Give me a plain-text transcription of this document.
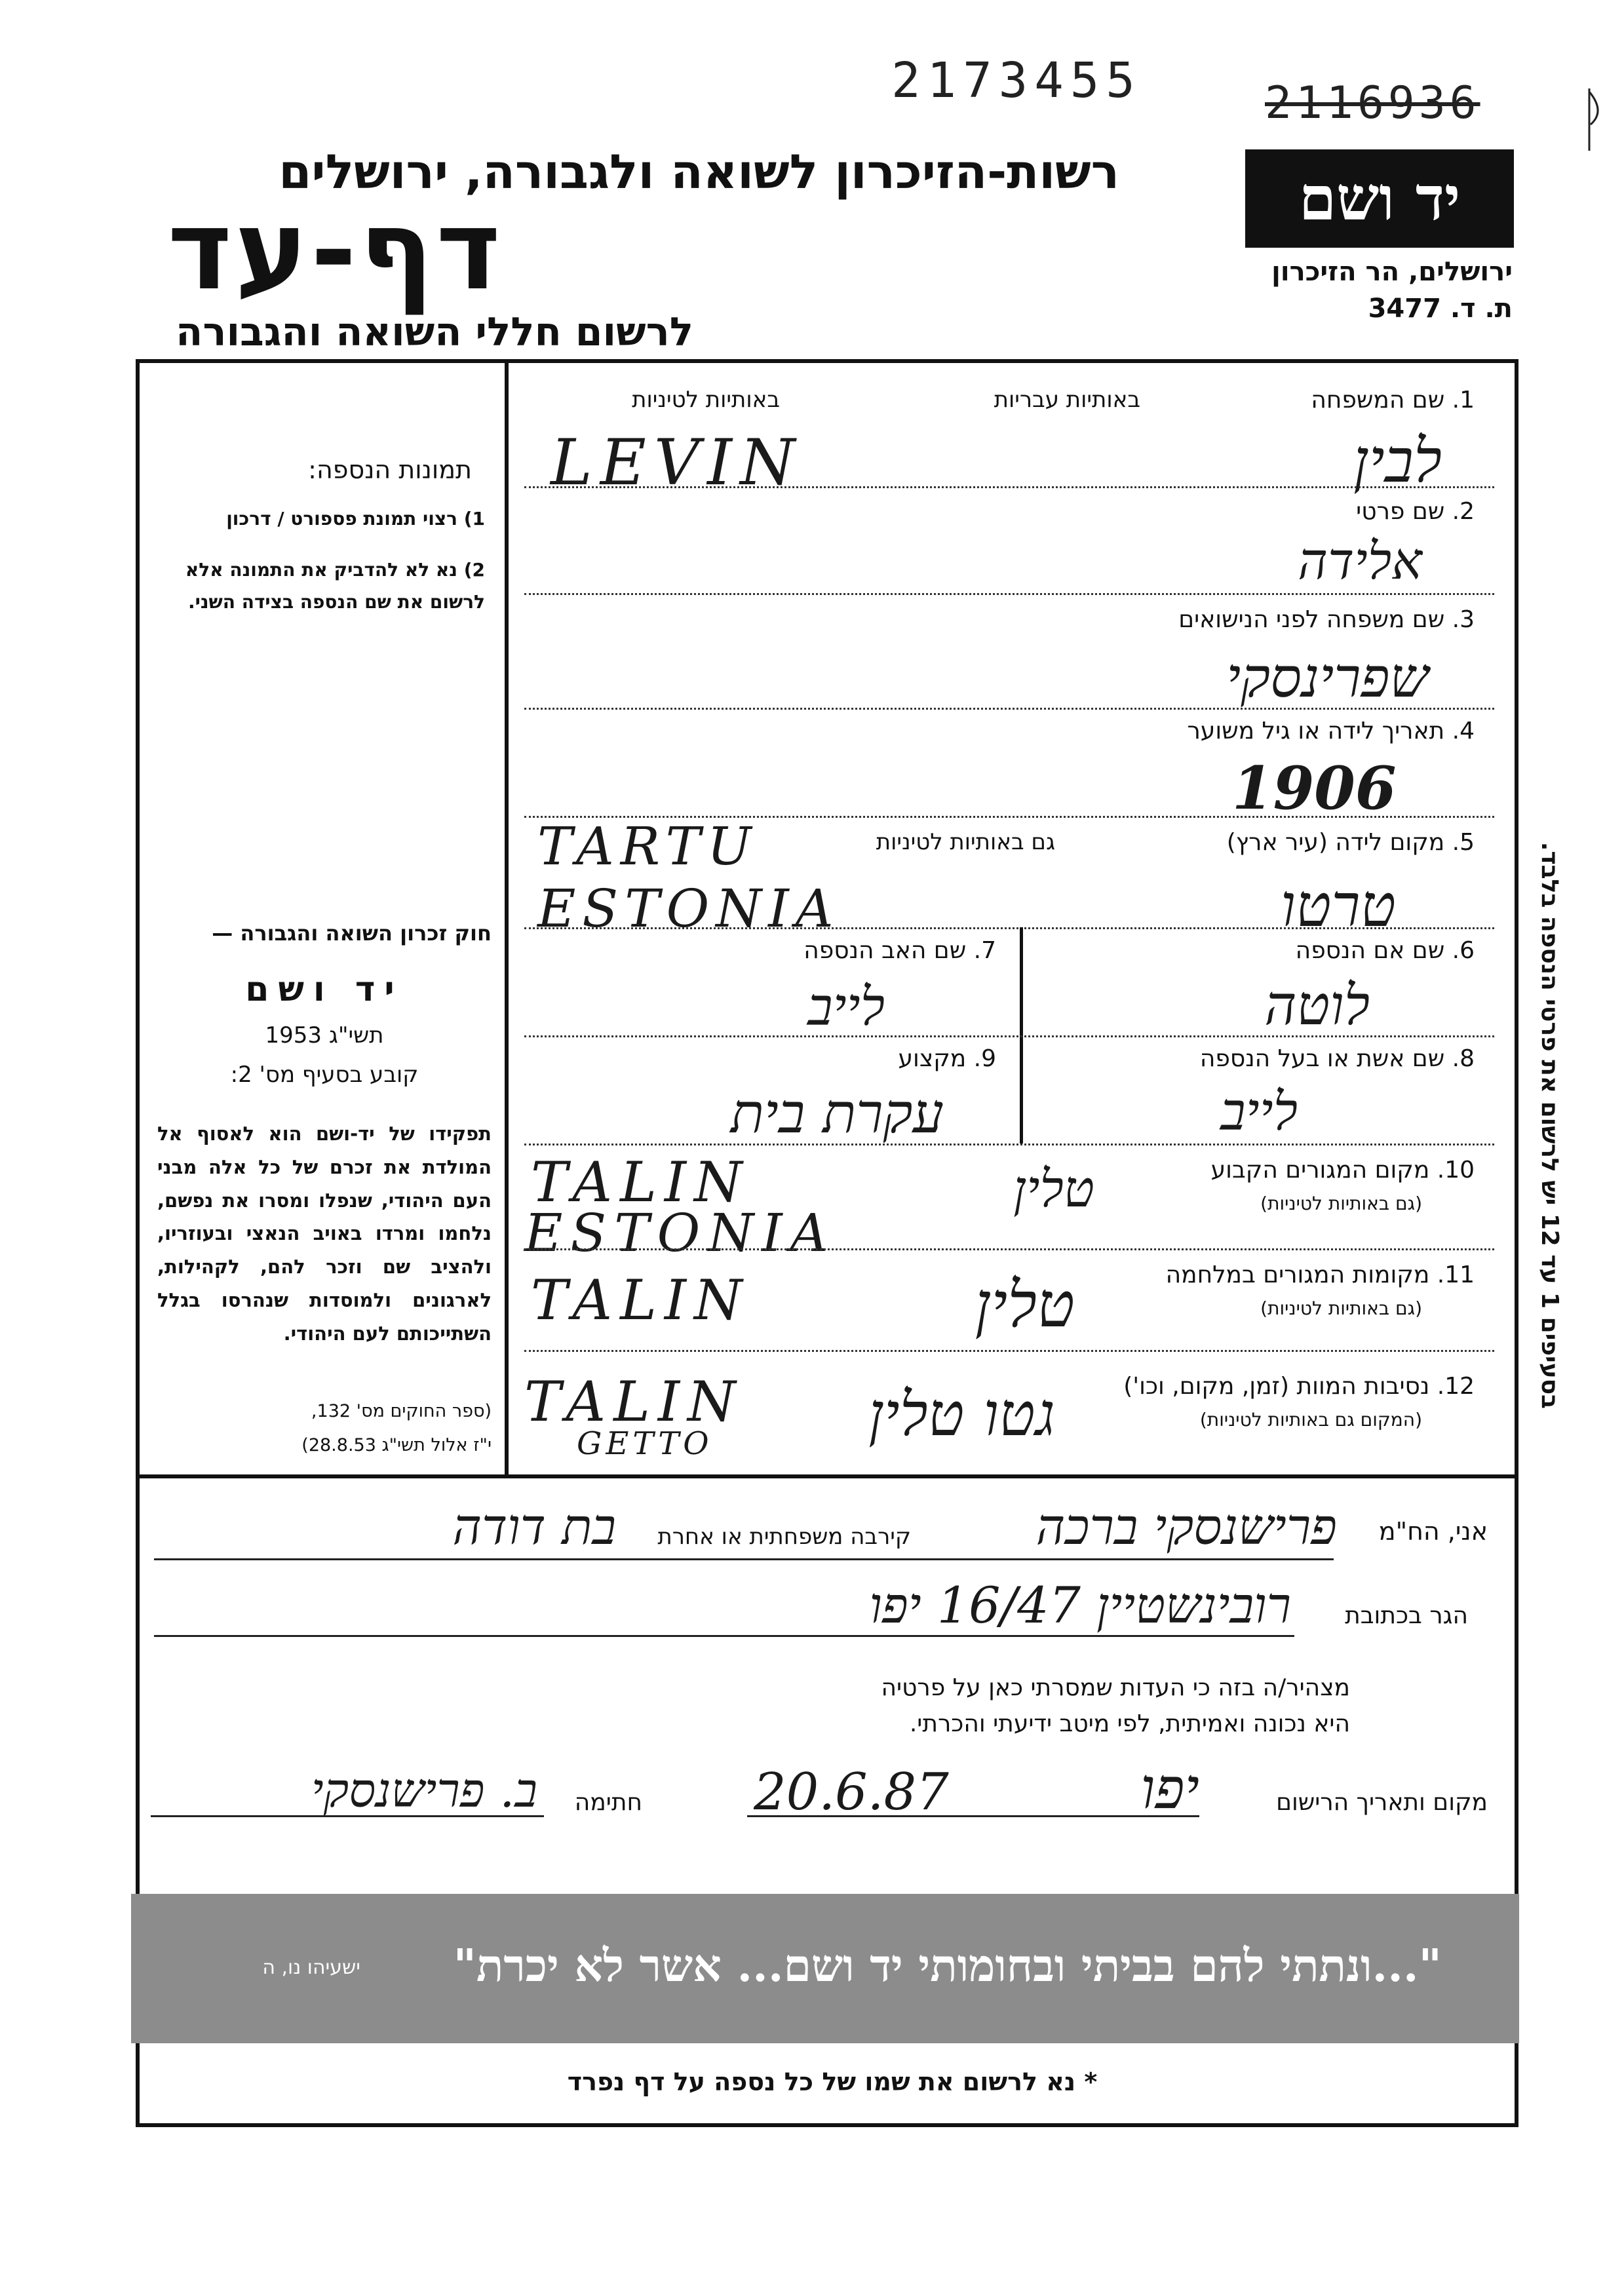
2173455	2116936
רשות-הזיכרון לשואה ולגבורה, ירושלים
דף-עד
לרשום חללי השואה והגבורה
יד ושם
ירושלים, הר הזיכרון
ת. ד. 3477
תמונות הנספה:
1) רצוי תמונת פספורט / דרכון
2) נא לא להדביק את התמונה אלא לרשום את שם הנספה בצידה השני.
חוק זכרון השואה והגבורה —
יד ושם
תשי"ג 1953
קובע בסעיף מס' 2:
תפקידו של יד-ושם הוא לאסוף אל המולדת את זכרם של כל אלה מבני העם היהודי, שנפלו ומסרו את נפשם, נלחמו ומרדו באויב הנאצי ובעוזריו, ולהציב שם וזכר להם, לקהילות, לארגונים ולמוסדות שנהרסו בגלל השתייכותם לעם היהודי.
(ספר החוקים מס' 132,
י"ז אלול תשי"ג 28.8.53)
בסעיפים 1 עד 12 יש לרשום את פרטי הנספה בלבד.
באותיות עבריות
באותיות לטיניות	1. שם המשפחה
LEVIN	לבין
2. שם פרטי
אלידה
3. שם משפחה לפני הנישואים
שפרינסקי
4. תאריך לידה או גיל משוער
1906
5. מקום לידה (עיר ארץ)
גם באותיות לטיניות
TARTU
ESTONIA	טרטו
6. שם אם הנספה
לוטה
7. שם האב הנספה
לייב
8. שם אשת או בעל הנספה
לייב
9. מקצוע
עקרת בית
10. מקום המגורים הקבוע
(גם באותיות לטיניות)
TALIN
ESTONIA
טלין
11. מקומות המגורים במלחמה
(גם באותיות לטיניות)
TALIN	טלין
12. נסיבות המוות (זמן, מקום, וכו')
(המקום גם באותיות לטיניות)
TALIN
GETTO	גטו טלין
אני, הח"מ
פרישנסקי ברכה
קירבה משפחתית או אחרת
בת דודה
הגר בכתובת
רובינשטיין 16/47 יפו
מצהיר/ה בזה כי העדות שמסרתי כאן על פרטיה
היא נכונה ואמיתית, לפי מיטב ידיעתי והכרתי.
מקום ותאריך הרישום
יפו
20.6.87
חתימה
ב. פרישנסקי
"...ונתתי להם בביתי ובחומותי יד ושם... אשר לא יכרת"
ישעיהו נו, ה
* נא לרשום את שמו של כל נספה על דף נפרד
